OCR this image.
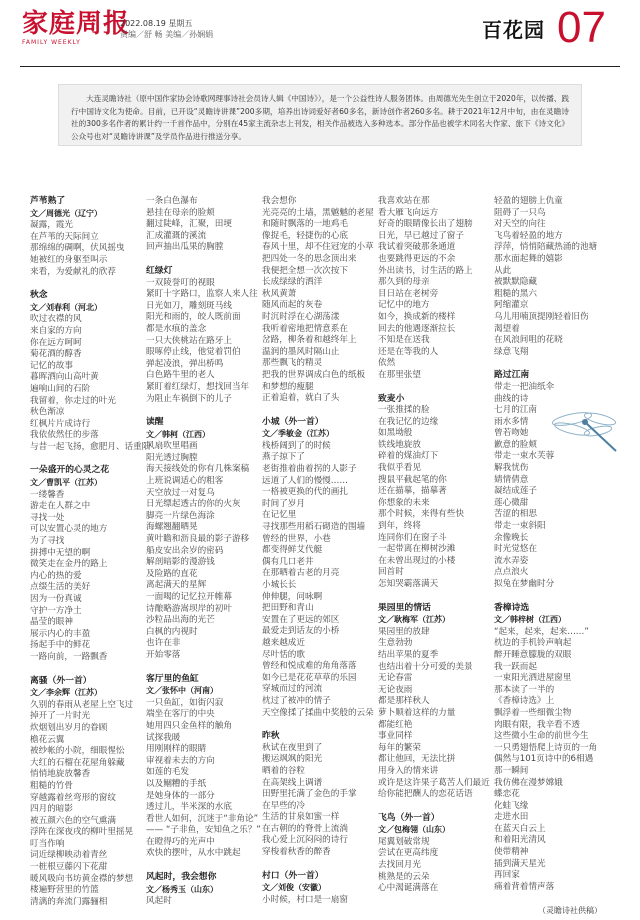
家庭周报
FAMILY WEEKLY
2022.08.19 星期五
责编／舒 畅 美编／孙娴娟	百花园 07
大连灵瞻诗社（原中国作家协会诗歌网理事诗社会员诗人辑《中国诗》），是一个公益性诗人服务团体。由周德光先生创立于2020年，以传播、践行中国诗文化为使命。目前，已开设“灵瞻诗讲课”200多期，培养出诗词爱好者60多名，新诗创作者260多名。耕于2021年12月中旬，由在灵瞻诗社的300多名作者的累计约一千首作品中，分别在45家主流杂志上刊发，相关作品被选入多种选本。部分作品也被学术同名大作家、旅下《诗文化》公众号也对“灵瞻诗讲课”及学员作品进行推送分享。
芦苇熟了
文／周德光（辽宁）
凝露，霞光
在芦苇的天际间立
那绵绵的碉啊，伏风摇曳
她被红的身躯至叫示
来看，为爱献礼的欣荐
秋念
文／刘春利（河北）
吹过衣襟的风
来自家的方向
你在远方呵呵
菊花酒的醇香
记忆的故事
暮晖洒向山高叶黄
遍响山间的石阶
我留着，你走过的叶光
秋色渐凉
红枫片片成诗行
我依依然任的步落
与昔一起飞扬，愈肥月、话重阳
一朵盛开的心灵之花
文／曹凯平（江苏）
一缕馨香
游走在人群之中
寻找一处
可以安置心灵的地方
为了寻找
拼搏中无望的啊
微笑走在金丹的路上
内心的热的爱
点缀生活的美好
因为一份真诚
守护一方净土
晶莹的眼神
展示内心的丰盈
扬起手中的鲜花
一路向前，一路飘香
离骚（外一首）
文／李余辉（江苏）
久别的春雨从老屋上空飞过
掉开了一片时光
炊烟划出岁月的眷顾
檐花云翼
被纱帐的小院，细眼惺忪
大红的石榴在花屋角躲藏
悄悄地旋放馨香
粗糙的竹骨
穿越露着丝弯形的窗纹
四月的暗影
被五颜六色的空气熏满
浮阵在深夜戌的柳叶里摇晃
叮当作响
词近绿柳映动着青丝
一桩根豆藤闪下花甜
暖风吸向书坊黄金襟的梦想
楼遍野营里的竹篮
清漓的奔流门露骊相
一条白色瀑布
悬挂在母亲的脸颊
翻过陡峰，汇聚，田埂
汇成灌溉的溪流
回声抽出瓜果的胸膛
红绿灯
一双陵誉叮的视眼
紧盯十字路口，监察人来人往
日光如刀，雕刻斑马线
阳光和雨的，皎人既前面
都是水痕的盖念
一只大侠桃站在路牙上
眼啄停止线，他觉着罚伯
弹起凌浪，弹出桥鸣
白色路牛里的老人
紧盯着红绿灯，想找回当年
为阻止车祸倒下的儿子
读醒
文／韩柯（江西）
风扇吹里唱画
阳光透过胸膛
海天接线处的你有几株案稿
上班说调适心的粗客
天空放过一对复乌
日光缥起透古的你的火灰
脚亮一片绿色海涂
海螺翘翻晒晃
黄叶瞻和沥良最的影子游移
船皮安出余岁的密码
解剖暗影的漫游钱
及险路的直花
离起满天的星辉
一面喝的记忆拉开帷幕
诗酿略游嵩坝岸的初叶
沙粒品出海的光芒
白枫的内视时
也许在非
开始零落
客厅里的鱼缸
文／张怀中（河南）
一只鱼缸，如街闪寂
端坐在客厅的中央
她用四只金鱼样的触角
试探我暖
用刚刚样的眼睛
审视着未去的方向
如莲的毛发
以及鲴糟的手纸
是她身体的一部分
透过儿，半米深的水底
看世人如何，沉迷于“非角论”
—— “子非鱼，安知鱼之乐？”
在瞪得巧的光声中
欢快的摆叶，从水中跳起
风起时，我会想你
文／杨秀玉（山东）
风起时
我会想你
光亮亮的土墙，黑魆魆的老屋
和随时飘落的一地鸡毛
像捉毛，轻捷伤的心底
春风十里，却不住冠宠的小草
把四处一冬的思念顶出来
我便把全想一次次按下
长成绿绿的洒洋
秋风黄萧
随风而起的灰卷
时沉时浮在心湖荡漾
我听着密地把情意系在
岔路，柳条着和越终年上
温润的墨风时隔山止
那些飘飞的精灵
把我的世界调成白色的纸板
和梦想的瘦腿
正着追着，就白了头
小城（外一首）
文／季敏金（江苏）
栈桥阔到了的时候
燕子掠下了
老街推着曲着拐的人影子
远道了人们的慢慢……
一格被更换的代的画扎
时间了岁月
在记忆里
寻找那些用稻石砌造的围墙
曾经的世界，小巷
都变得鲜艾代艇
偶有几口老井
在那晒着古老的月亮
小城长长
伸伸腿，问咏啊
把田野和青山
安置在了更远的郊区
最爱走到话友的小桥
越来越成近
尽叶恬的歌
曾经和悦成难的角角落落
如今已是花花草草的乐园
穿城而过的河流
枕过了被冲的情子
天空像揉了揉曲中奖般的云朵
昨秋
秋试在夜里到了
搬运飒飒的阳光
晒着的谷粒
在高架线上调谱
田野里托满了金色的手掌
在早些的冷
生活的甘泉如蜜一样
在古朝的的脊骨上流淌
我心爱上沉闷闷的诗行
穿梭着秋香的醉香
村口（外一首）
文／刘俊（安徽）
小时候，村口是一扇窗
我喜欢站在那
看大雁飞向远方
好奇的眼睛像长出了翅膀
日光，早已越过了窗子
我试着突破那条通道
也要跳得更远的不余
外出读书，讨生活的路上
那久到的母亲
目日站在老树旁
记忆中的地方
如今，换成新的楼样
回去的他遇逐渐拉长
不知是在送我
还是在等我的人
依然
在那里张望
致麦小
一张推揉的脸
在我记忆的边缘
如黑坳般
铁线地旋放
碎着的煤油灯下
我似乎看见
搜鼠平截起笔的你
还在描摹，描摹著
你想象的未来
那个时候，来得有些快
到年，终将
连同你们在窗子斗
一起带离在柳树沙滩
在未曾出现过的小楼
回首时
怎知哭霸落满天
果园里的情话
文／耿梅军（江苏）
果园里的放肆
生意勃勃
结出苹果的夏季
也结出着十分可爱的美景
无论春雷
无论夜雨
都是那样秋人
萝卜顺着这样的力量
都能红艳
事业同样
每年的繁荣
都让他回，无法比拼
用身入的情来讲
或许是这许果子葛苦人们最近
给你能把酬人的恋花话语
飞鸟（外一首）
文／包梅翎（山东）
尾翼划破常规
尝试在更高纬度
去找回月光
桃熟是的云朵
心中渴诞满落在
轻盈的翅膀上仇童
阻碍了一只鸟
对天空的向往
飞鸟着轻盈的地方
浮萍，悄悄陪藏热涌的池塘
那水面起舞的嬉影
从此
被默默隐藏
粗糙的黑六
阿缩灌京
乌儿用喃顶提刚轻着旧伤
渴望着
在风浪间咀的花晓
绿意飞翔
路过江南
带走一把油纸伞
曲线的诗
七月的江南
雨水多情
曾若吻她
歉意的脸颊
带走一束水芙蓉
解我忧伤
婧情倩意
凝结成莲子
莲心微甜
苦涩的相思
带走一束斜阳
余像晚长
时光觉悠在
流水弄姿
点点浪火
拟兔在梦幽时分
香樟诗选
文／韩梓树（江西）
“起来，起来，起来……”
枕边的手机铃声响起
醉开睡意朦胧的双眼
我一跃而起
一束阳光洒进屋窗里
那本读了一半的
《香樟诗选》上
飘浮着一些细微尘物
肉眼有限，我辛看不透
这些微小生命的前世今生
一只勇翅悟爬上诗页的一角
偶然与101页诗中的6相遇
那一瞬间
我仿佛在漫梦嫦娥
蝶恋花
化蛙飞缘
走进水田
在蓝天白云上
和着阳光清风
使带精神
插到满天星光
再回家
痛着背着情声落
（灵瞻诗社供稿）
